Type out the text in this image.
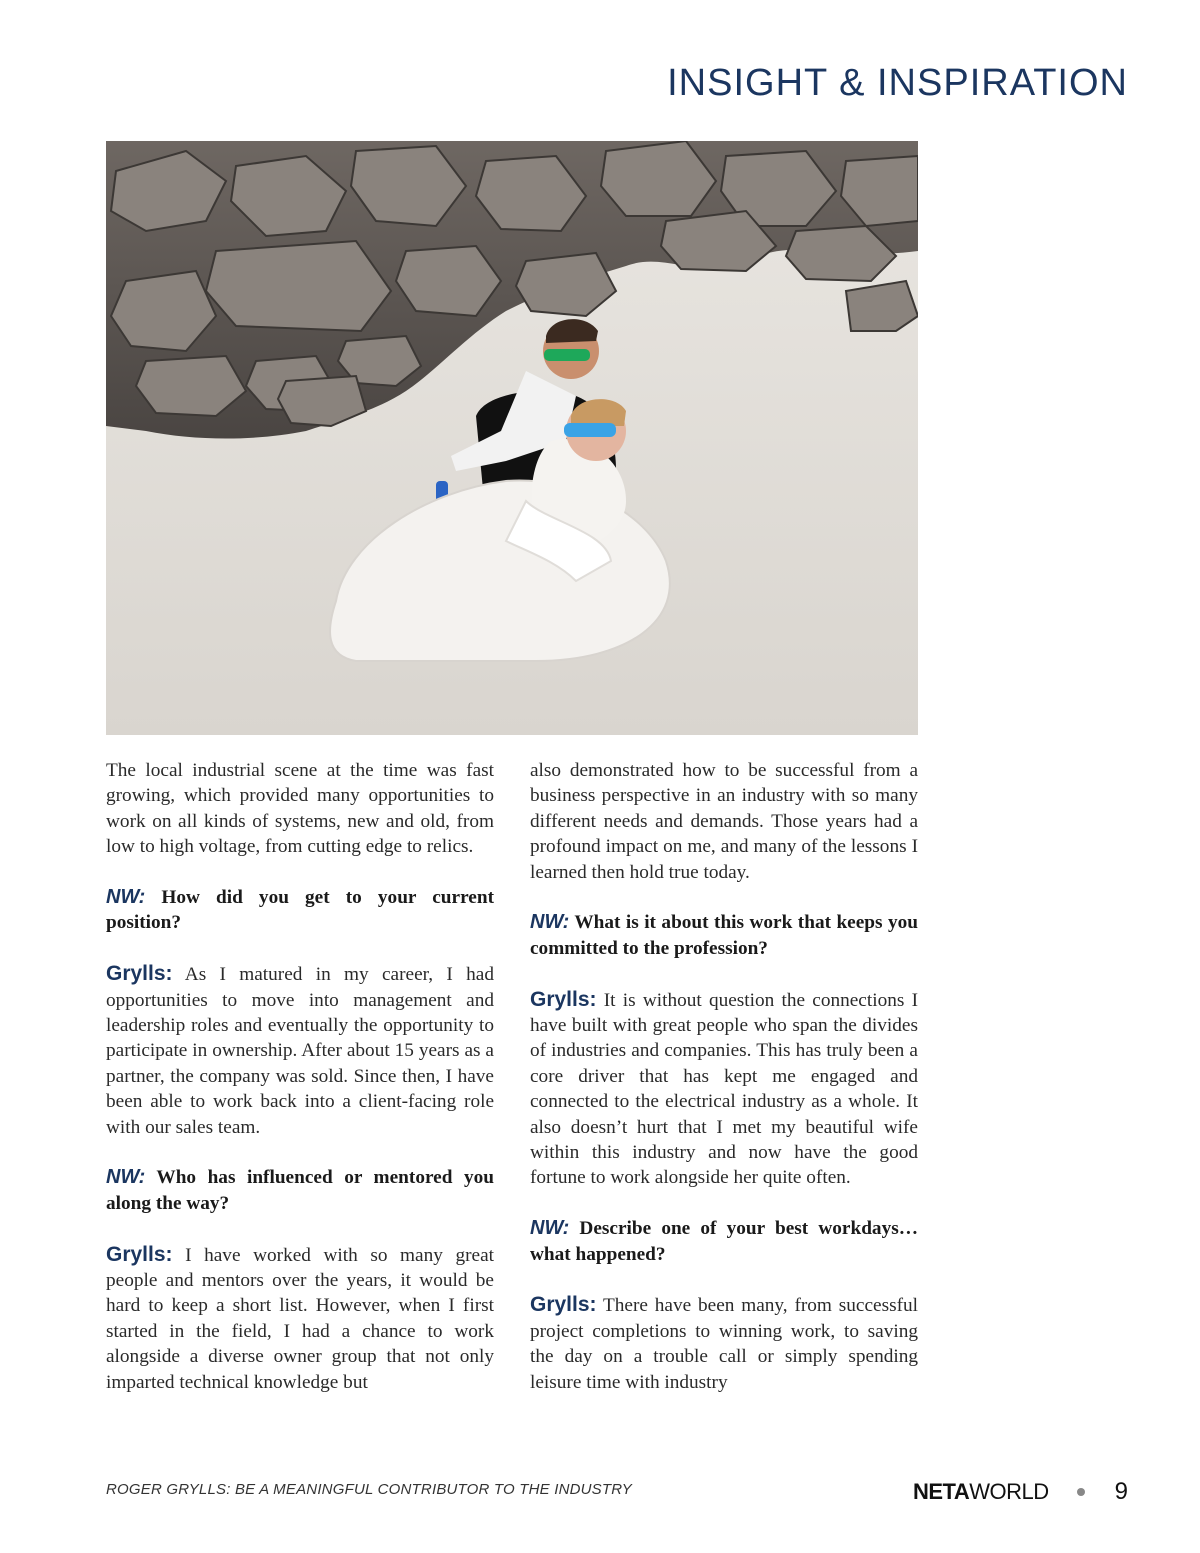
INSIGHT & INSPIRATION

The local industrial scene at the time was fast growing, which provided many opportunities to work on all kinds of systems, new and old, from low to high voltage, from cutting edge to relics.

NW: How did you get to your current position?

Grylls: As I matured in my career, I had opportunities to move into management and leadership roles and eventually the opportunity to participate in ownership. After about 15 years as a partner, the company was sold. Since then, I have been able to work back into a client-facing role with our sales team.

NW: Who has influenced or mentored you along the way?

Grylls: I have worked with so many great people and mentors over the years, it would be hard to keep a short list. However, when I first started in the field, I had a chance to work alongside a diverse owner group that not only imparted technical knowledge but

also demonstrated how to be successful from a business perspective in an industry with so many different needs and demands. Those years had a profound impact on me, and many of the lessons I learned then hold true today.

NW: What is it about this work that keeps you committed to the profession?

Grylls: It is without question the connections I have built with great people who span the divides of industries and companies. This has truly been a core driver that has kept me engaged and connected to the electrical industry as a whole. It also doesn’t hurt that I met my beautiful wife within this industry and now have the good fortune to work alongside her quite often.

NW: Describe one of your best workdays… what happened?

Grylls: There have been many, from successful project completions to winning work, to saving the day on a trouble call or simply spending leisure time with industry

ROGER GRYLLS: BE A MEANINGFUL CONTRIBUTOR TO THE INDUSTRY	NETA WORLD	9
